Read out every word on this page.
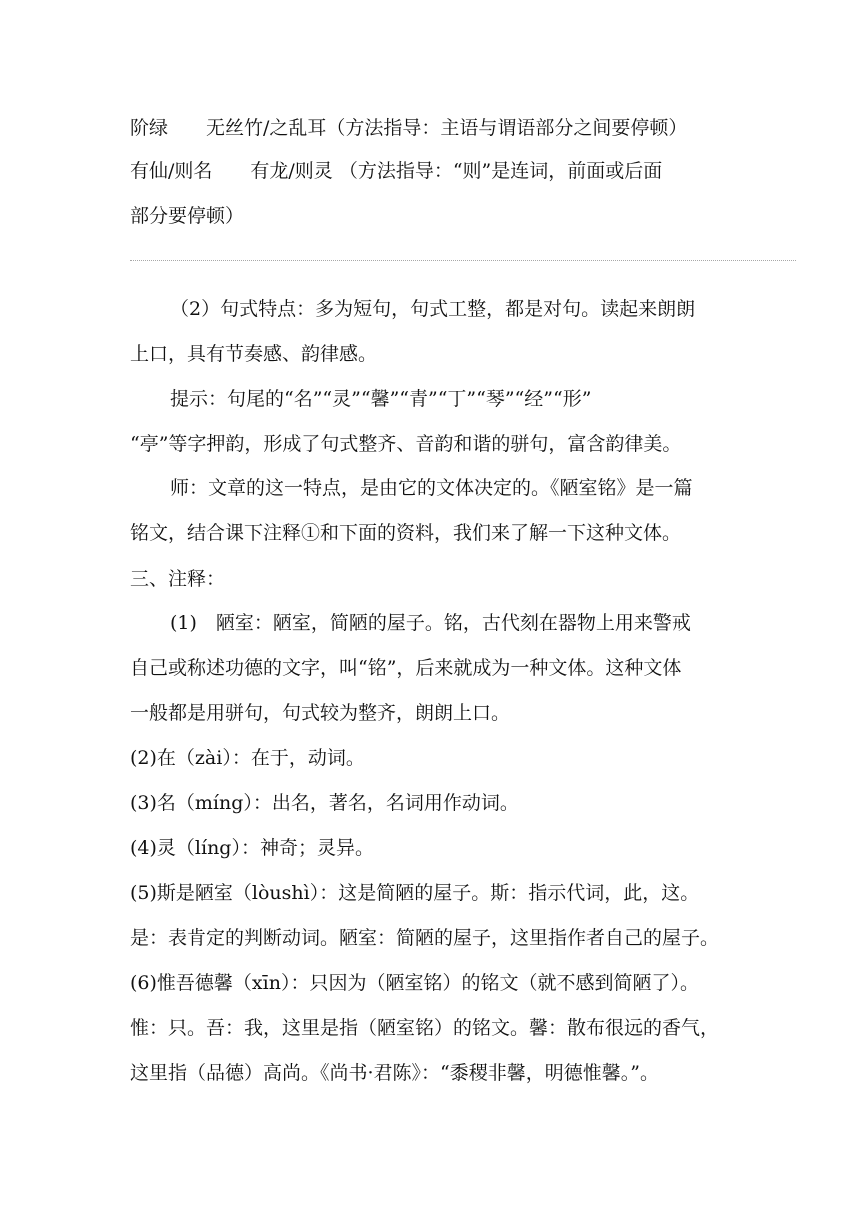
阶绿　　无丝竹/之乱耳（方法指导：主语与谓语部分之间要停顿）
有仙/则名　　有龙/则灵 （方法指导：“则”是连词，前面或后面
部分要停顿）
（2）句式特点：多为短句，句式工整，都是对句。读起来朗朗
上口，具有节奏感、韵律感。
提示：句尾的“名”“灵”“馨”“青”“丁”“琴”“经”“形”
“亭”等字押韵，形成了句式整齐、音韵和谐的骈句，富含韵律美。
师：文章的这一特点，是由它的文体决定的。《陋室铭》是一篇
铭文，结合课下注释①和下面的资料，我们来了解一下这种文体。
三、注释：
(1)　陋室：陋室，简陋的屋子。铭，古代刻在器物上用来警戒
自己或称述功德的文字，叫“铭”，后来就成为一种文体。这种文体
一般都是用骈句，句式较为整齐，朗朗上口。
(2)在（zài）：在于，动词。
(3)名（míng）：出名，著名，名词用作动词。
(4)灵（líng）：神奇；灵异。
(5)斯是陋室（lòushì）：这是简陋的屋子。斯：指示代词，此，这。
是：表肯定的判断动词。陋室：简陋的屋子，这里指作者自己的屋子。
(6)惟吾德馨（xīn）：只因为（陋室铭）的铭文（就不感到简陋了）。
惟：只。吾：我，这里是指（陋室铭）的铭文。馨：散布很远的香气，
这里指（品德）高尚。《尚书·君陈》：“黍稷非馨，明德惟馨。”。
